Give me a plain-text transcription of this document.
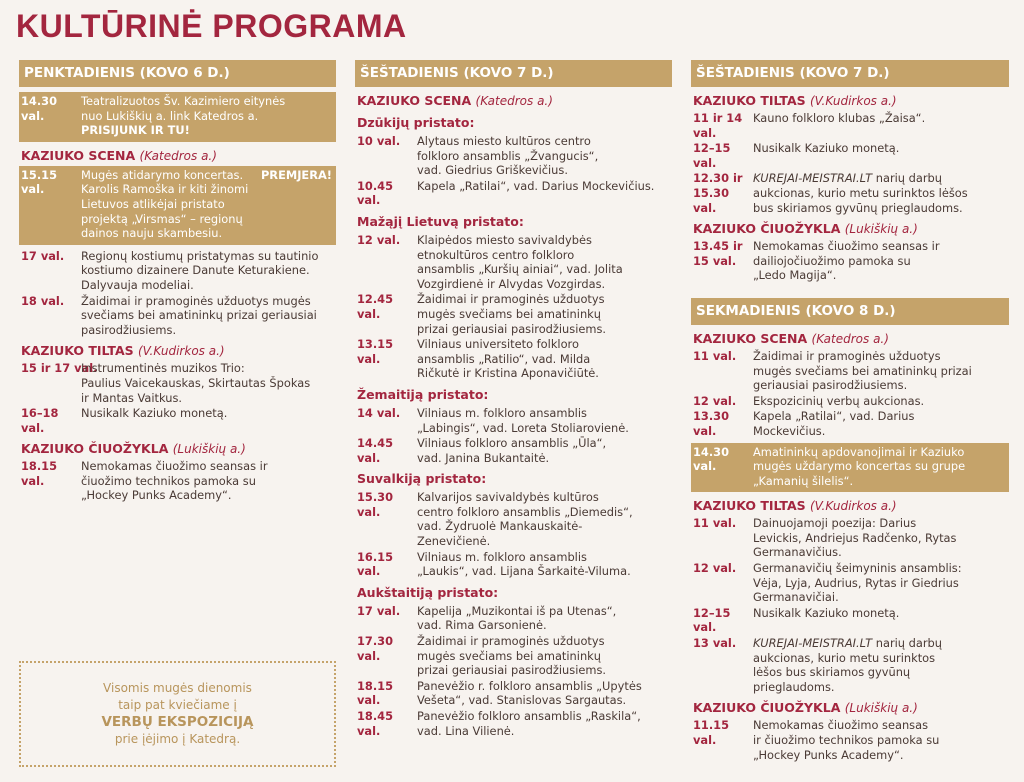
KULTŪRINĖ PROGRAMA
PENKTADIENIS (KOVO 6 D.)
14.30 val.
Teatralizuotos Šv. Kazimiero eitynės
nuo Lukiškių a. link Katedros a.
PRISIJUNK IR TU!
KAZIUKO SCENA (Katedros a.)
15.15 val.
Mugės atidarymo koncertas.
Karolis Ramoška ir kiti žinomi
Lietuvos atlikėjai pristato
projektą „Virsmas“ – regionų
dainos nauju skambesiu.
PREMJERA!
17 val.	Regionų kostiumų pristatymas su tautinio
kostiumo dizainere Danute Keturakiene.
Dalyvauja modeliai.
18 val.	Žaidimai ir pramoginės užduotys mugės
svečiams bei amatininkų prizai geriausiai
pasirodžiusiems.
KAZIUKO TILTAS (V.Kudirkos a.)
15 ir 17 val.
Instrumentinės muzikos Trio:
Paulius Vaicekauskas, Skirtautas Špokas
ir Mantas Vaitkus.
16–18 val.
Nusikalk Kaziuko monetą.
KAZIUKO ČIUOŽYKLA (Lukiškių a.)
18.15 val.
Nemokamas čiuožimo seansas ir
čiuožimo technikos pamoka su
„Hockey Punks Academy“.
Visomis mugės dienomis
taip pat kviečiame į
VERBŲ EKSPOZICIJĄ
prie įėjimo į Katedrą.
ŠEŠTADIENIS (KOVO 7 D.)
KAZIUKO SCENA (Katedros a.)
Dzūkijų pristato:
10 val.	Alytaus miesto kultūros centro
folkloro ansamblis „Žvangucis“,
vad. Giedrius Griškevičius.
10.45 val.
Kapela „Ratilai“, vad. Darius Mockevičius.
Mažąjį Lietuvą pristato:
12 val.	Klaipėdos miesto savivaldybės
etnokultūros centro folkloro
ansamblis „Kuršių ainiai“, vad. Jolita
Vozgirdienė ir Alvydas Vozgirdas.
12.45 val.
Žaidimai ir pramoginės užduotys
mugės svečiams bei amatininkų
prizai geriausiai pasirodžiusiems.
13.15 val.
Vilniaus universiteto folkloro
ansamblis „Ratilio“, vad. Milda
Ričkutė ir Kristina Aponavičiūtė.
Žemaitiją pristato:
14 val.	Vilniaus m. folkloro ansamblis
„Labingis“, vad. Loreta Stoliarovienė.
14.45 val.
Vilniaus folkloro ansamblis „Ūla“,
vad. Janina Bukantaitė.
Suvalkiją pristato:
15.30 val.
Kalvarijos savivaldybės kultūros
centro folkloro ansamblis „Diemedis“,
vad. Žydruolė Mankauskaitė-
Zenevičienė.
16.15 val.
Vilniaus m. folkloro ansamblis
„Laukis“, vad. Lijana Šarkaitė-Viluma.
Aukštaitiją pristato:
17 val.	Kapelija „Muzikontai iš pa Utenas“,
vad. Rima Garsonienė.
17.30 val.
Žaidimai ir pramoginės užduotys
mugės svečiams bei amatininkų
prizai geriausiai pasirodžiusiems.
18.15 val.
Panevėžio r. folkloro ansamblis „Upytės
Vešeta“, vad. Stanislovas Sargautas.
18.45 val.
Panevėžio folkloro ansamblis „Raskila“,
vad. Lina Vilienė.
ŠEŠTADIENIS (KOVO 7 D.)
KAZIUKO TILTAS (V.Kudirkos a.)
11 ir 14 val.
Kauno folkloro klubas „Žaisa“.
12–15 val.
Nusikalk Kaziuko monetą.
12.30 ir
15.30 val.
KUREJAI-MEISTRAI.LT narių darbų
aukcionas, kurio metu surinktos lėšos
bus skiriamos gyvūnų prieglaudoms.
KAZIUKO ČIUOŽYKLA (Lukiškių a.)
13.45 ir
15 val.
Nemokamas čiuožimo seansas ir
dailiojočiuožimo pamoka su
„Ledo Magija“.
SEKMADIENIS (KOVO 8 D.)
KAZIUKO SCENA (Katedros a.)
11 val.	Žaidimai ir pramoginės užduotys
mugės svečiams bei amatininkų prizai
geriausiai pasirodžiusiems.
12 val.	Ekspozicinių verbų aukcionas.
13.30 val.
Kapela „Ratilai“, vad. Darius
Mockevičius.
14.30 val.
Amatininkų apdovanojimai ir Kaziuko
mugės uždarymo koncertas su grupe
„Kamanių šilelis“.
KAZIUKO TILTAS (V.Kudirkos a.)
11 val.	Dainuojamoji poezija: Darius
Levickis, Andriejus Radčenko, Rytas
Germanavičius.
12 val.	Germanavičių šeimyninis ansamblis:
Vėja, Lyja, Audrius, Rytas ir Giedrius
Germanavičiai.
12–15 val.
Nusikalk Kaziuko monetą.
13 val.	KUREJAI-MEISTRAI.LT narių darbų
aukcionas, kurio metu surinktos
lėšos bus skiriamos gyvūnų
prieglaudoms.
KAZIUKO ČIUOŽYKLA (Lukiškių a.)
11.15 val.
Nemokamas čiuožimo seansas
ir čiuožimo technikos pamoka su
„Hockey Punks Academy“.
